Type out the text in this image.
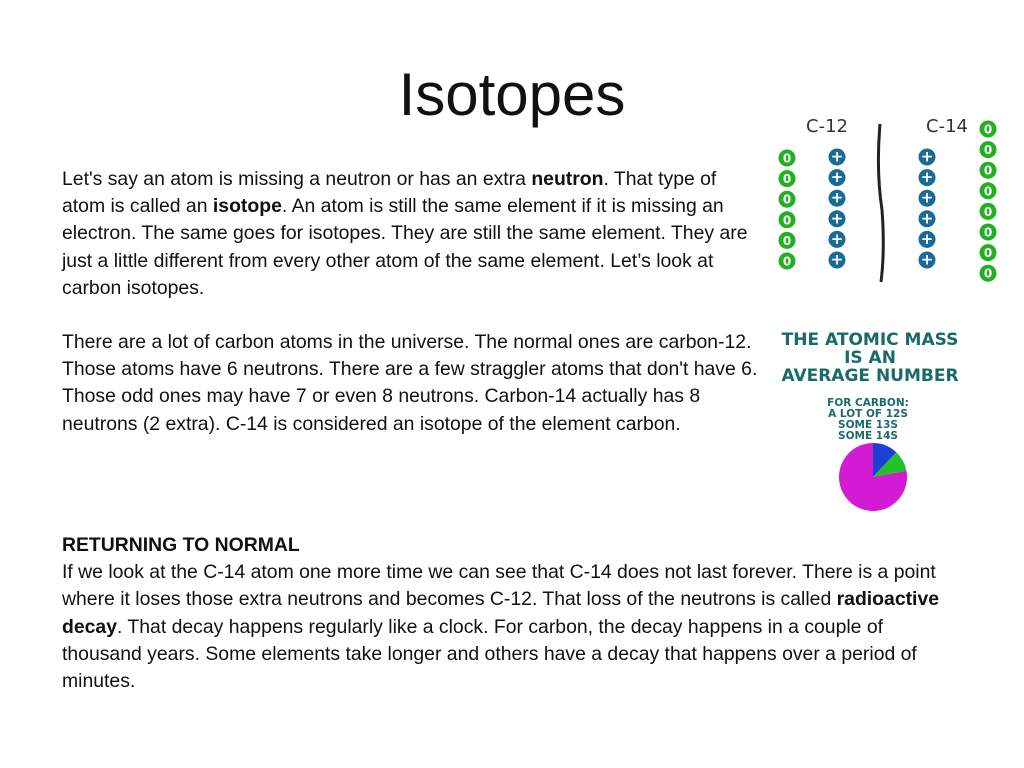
Isotopes

Let's say an atom is missing a neutron or has an extra neutron. That type of atom is called an isotope. An atom is still the same element if it is missing an electron. The same goes for isotopes. They are still the same element. They are just a little different from every other atom of the same element. Let’s look at carbon isotopes.

There are a lot of carbon atoms in the universe. The normal ones are carbon-12. Those atoms have 6 neutrons. There are a few straggler atoms that don't have 6. Those odd ones may have 7 or even 8 neutrons. Carbon-14 actually has 8 neutrons (2 extra). C-14 is considered an isotope of the element carbon.

RETURNING TO NORMAL
If we look at the C-14 atom one more time we can see that C-14 does not last forever. There is a point where it loses those extra neutrons and becomes C-12. That loss of the neutrons is called radioactive decay. That decay happens regularly like a clock. For carbon, the decay happens in a couple of thousand years. Some elements take longer and others have a decay that happens over a period of minutes.
C-12	C-14
0
0
0
0
0
0
+
+
+
+
+
+
+
+
+
+
+
+
0
0
0
0
0
0
0
0
THE ATOMIC MASS
IS AN
AVERAGE NUMBER
FOR CARBON:
A LOT OF 12S
SOME 13S
SOME 14S
